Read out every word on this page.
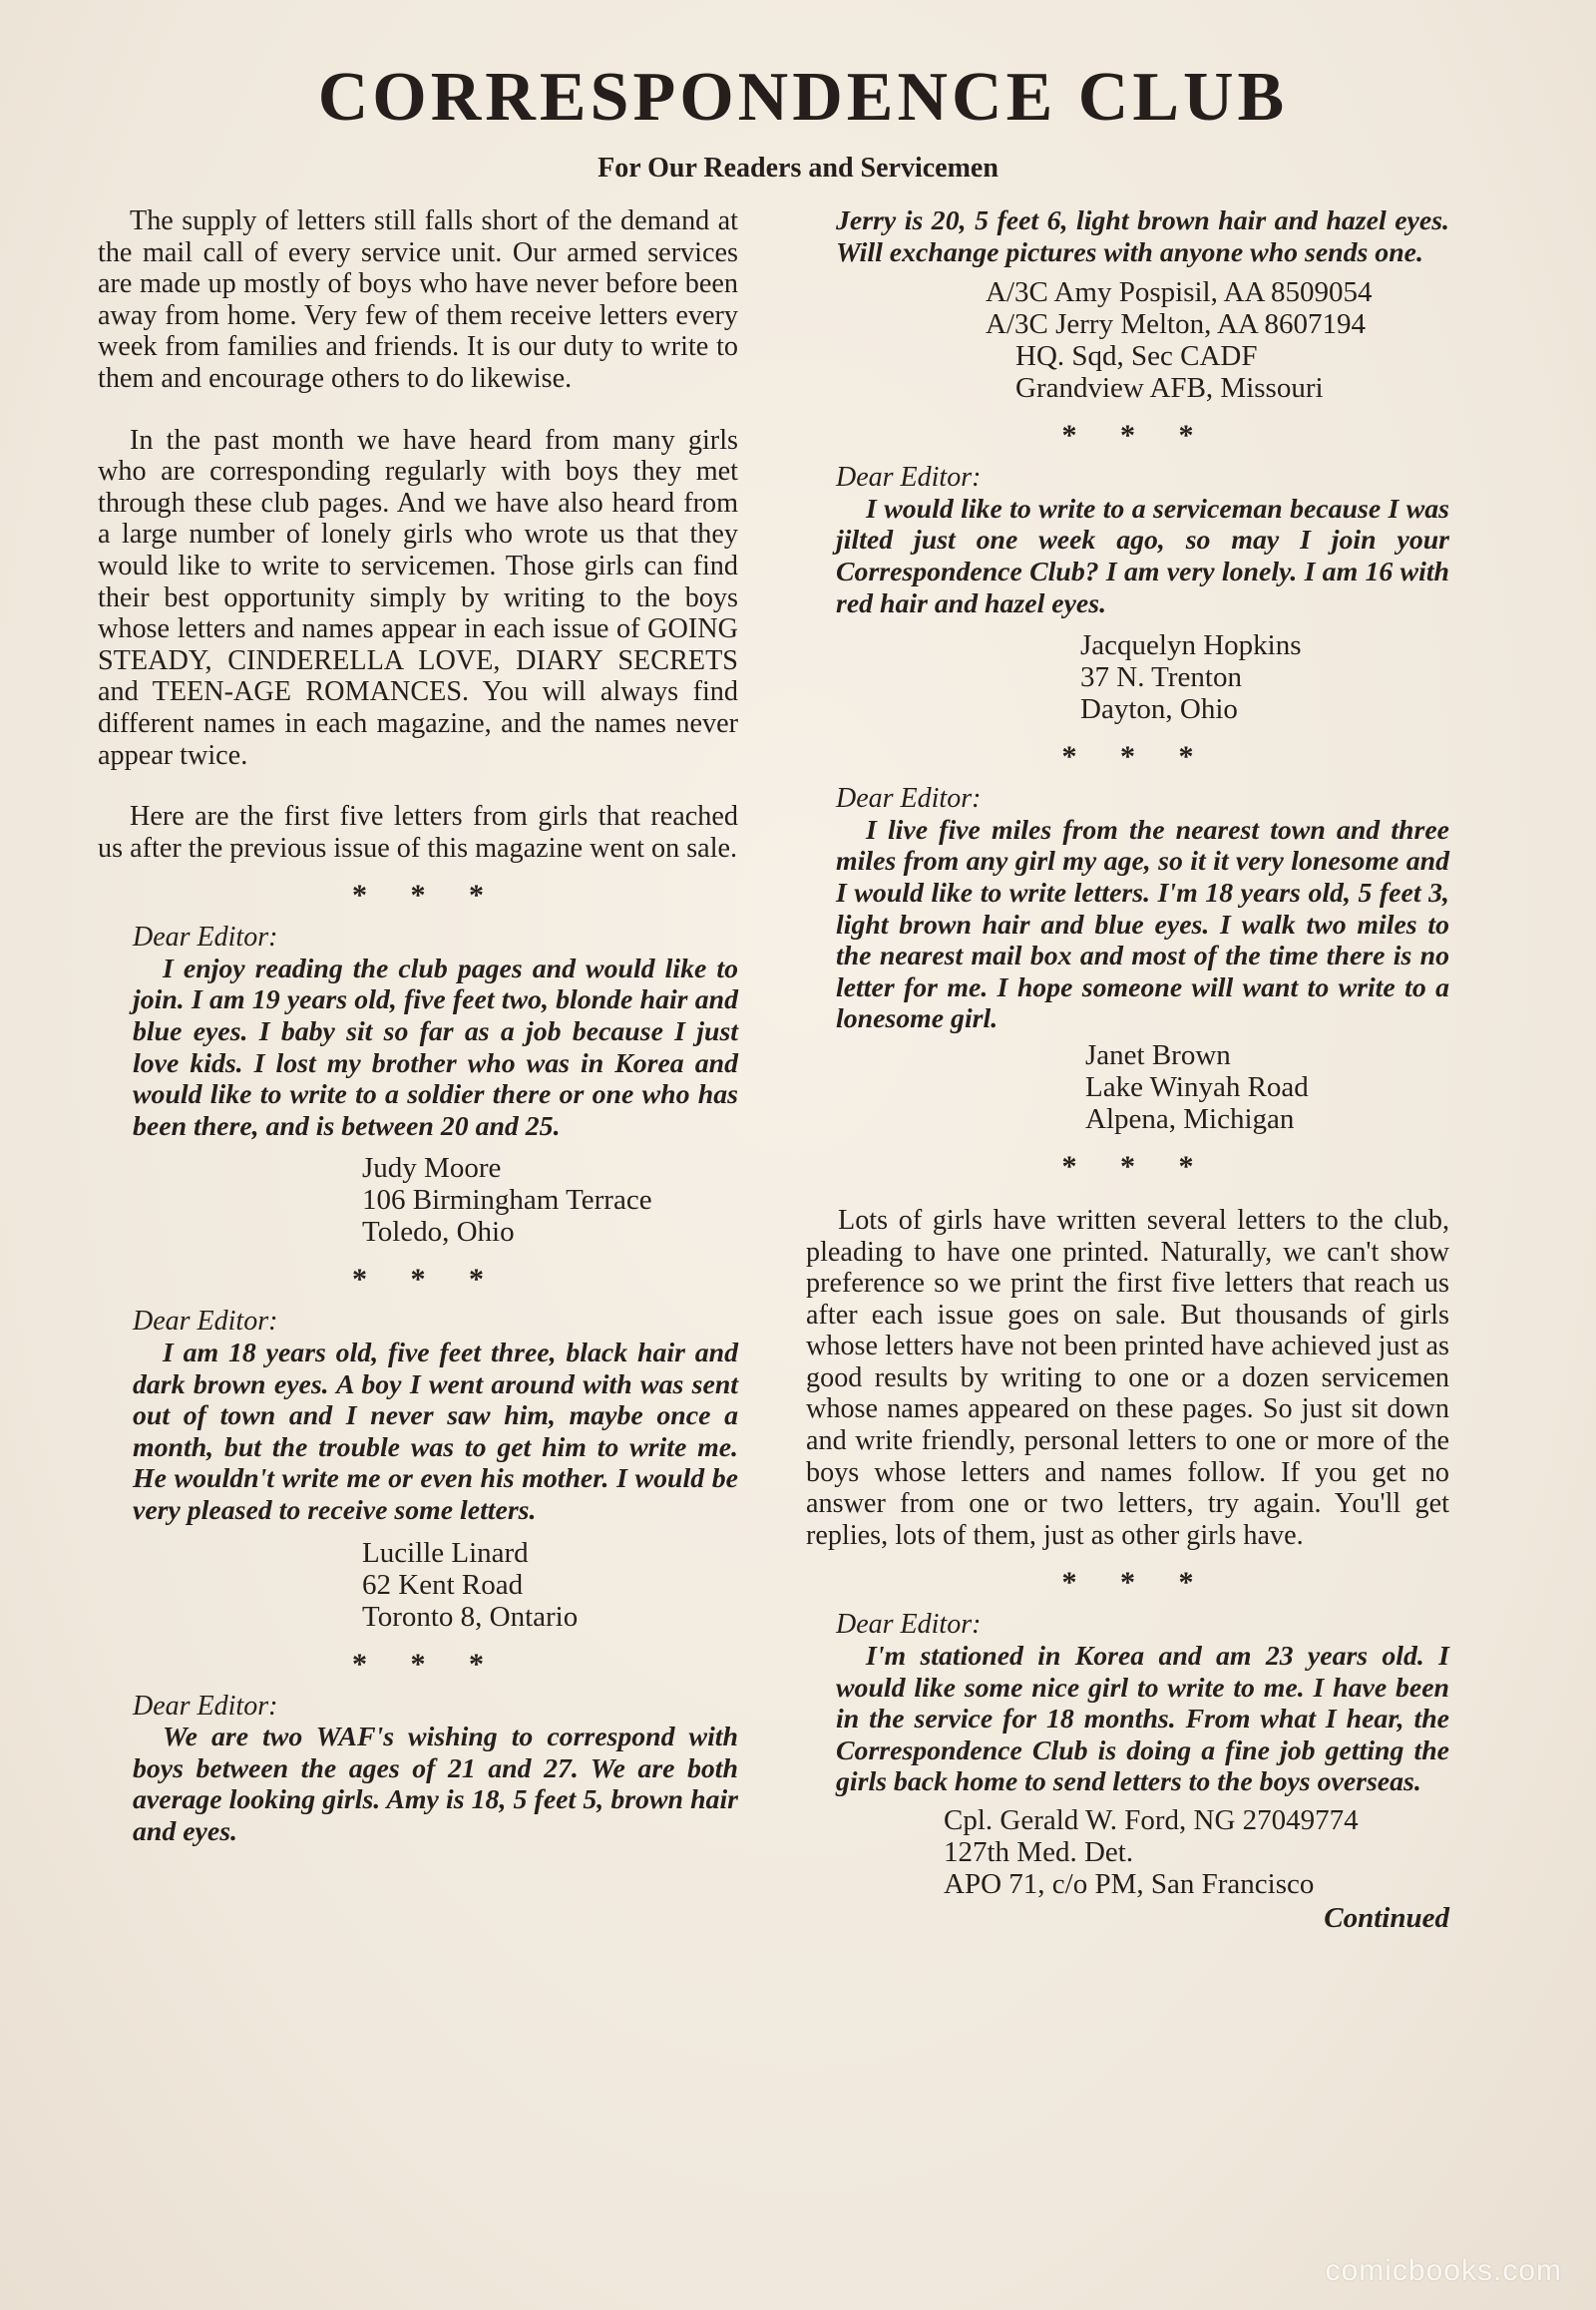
CORRESPONDENCE CLUB
For Our Readers and Servicemen

The supply of letters still falls short of the demand at the mail call of every service unit. Our armed services are made up mostly of boys who have never before been away from home. Very few of them receive letters every week from families and friends. It is our duty to write to them and encourage others to do likewise.

In the past month we have heard from many girls who are corresponding regularly with boys they met through these club pages. And we have also heard from a large number of lonely girls who wrote us that they would like to write to servicemen. Those girls can find their best opportunity simply by writing to the boys whose letters and names appear in each issue of GOING STEADY, CINDERELLA LOVE, DIARY SECRETS and TEEN-AGE ROMANCES. You will always find different names in each magazine, and the names never appear twice.

Here are the first five letters from girls that reached us after the previous issue of this magazine went on sale.

* * *

Dear Editor:

I enjoy reading the club pages and would like to join. I am 19 years old, five feet two, blonde hair and blue eyes. I baby sit so far as a job because I just love kids. I lost my brother who was in Korea and would like to write to a soldier there or one who has been there, and is between 20 and 25.

Judy Moore
106 Birmingham Terrace
Toledo, Ohio
* * *

Dear Editor:

I am 18 years old, five feet three, black hair and dark brown eyes. A boy I went around with was sent out of town and I never saw him, maybe once a month, but the trouble was to get him to write me. He wouldn't write me or even his mother. I would be very pleased to receive some letters.

Lucille Linard
62 Kent Road
Toronto 8, Ontario
* * *

Dear Editor:

We are two WAF's wishing to correspond with boys between the ages of 21 and 27. We are both average looking girls. Amy is 18, 5 feet 5, brown hair and eyes.

Jerry is 20, 5 feet 6, light brown hair and hazel eyes. Will exchange pictures with anyone who sends one.

A/3C Amy Pospisil, AA 8509054
A/3C Jerry Melton, AA 8607194
HQ. Sqd, Sec CADF
Grandview AFB, Missouri
* * *

Dear Editor:

I would like to write to a serviceman because I was jilted just one week ago, so may I join your Correspondence Club? I am very lonely. I am 16 with red hair and hazel eyes.

Jacquelyn Hopkins
37 N. Trenton
Dayton, Ohio
* * *

Dear Editor:

I live five miles from the nearest town and three miles from any girl my age, so it it very lonesome and I would like to write letters. I'm 18 years old, 5 feet 3, light brown hair and blue eyes. I walk two miles to the nearest mail box and most of the time there is no letter for me. I hope someone will want to write to a lonesome girl.

Janet Brown
Lake Winyah Road
Alpena, Michigan
* * *

Lots of girls have written several letters to the club, pleading to have one printed. Naturally, we can't show preference so we print the first five letters that reach us after each issue goes on sale. But thousands of girls whose letters have not been printed have achieved just as good results by writing to one or a dozen servicemen whose names appeared on these pages. So just sit down and write friendly, personal letters to one or more of the boys whose letters and names follow. If you get no answer from one or two letters, try again. You'll get replies, lots of them, just as other girls have.

* * *

Dear Editor:

I'm stationed in Korea and am 23 years old. I would like some nice girl to write to me. I have been in the service for 18 months. From what I hear, the Correspondence Club is doing a fine job getting the girls back home to send letters to the boys overseas.

Cpl. Gerald W. Ford, NG 27049774
127th Med. Det.
APO 71, c/o PM, San Francisco
Continued
comicbooks.com
